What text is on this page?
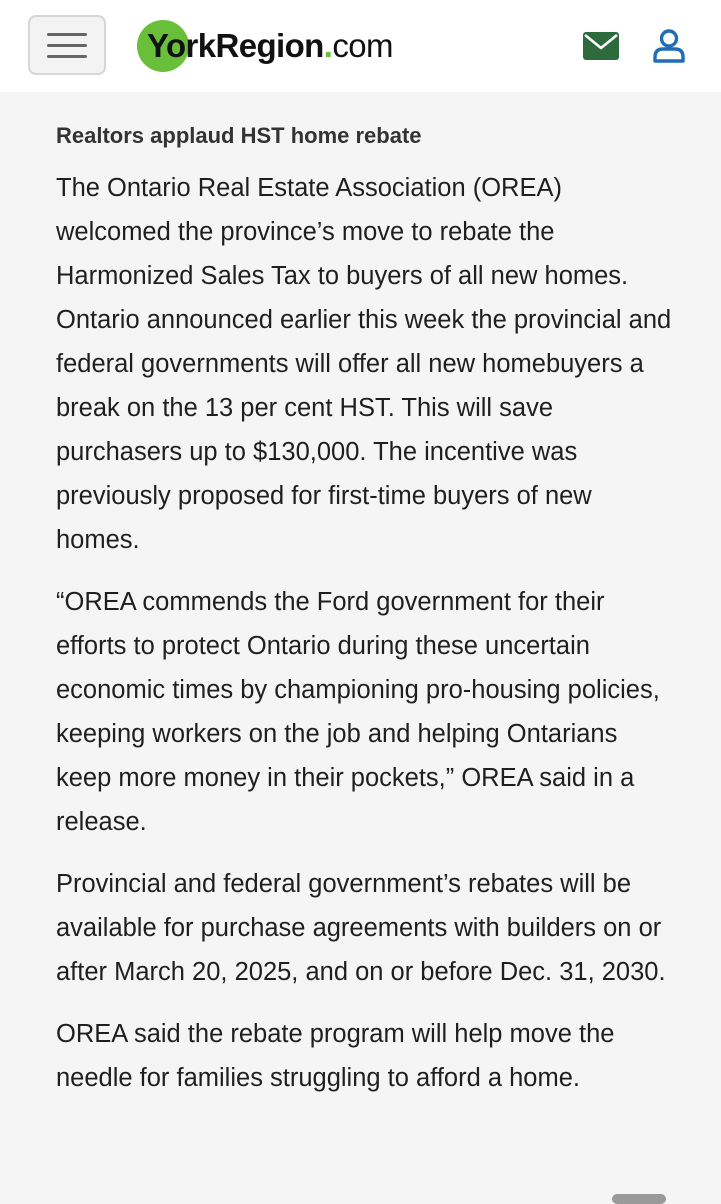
YorkRegion.com
Realtors applaud HST home rebate

The Ontario Real Estate Association (OREA) welcomed the province’s move to rebate the Harmonized Sales Tax to buyers of all new homes. Ontario announced earlier this week the provincial and federal governments will offer all new homebuyers a break on the 13 per cent HST. This will save purchasers up to $130,000. The incentive was previously proposed for first-time buyers of new homes.

“OREA commends the Ford government for their efforts to protect Ontario during these uncertain economic times by championing pro-housing policies, keeping workers on the job and helping Ontarians keep more money in their pockets,” OREA said in a release.

Provincial and federal government’s rebates will be available for purchase agreements with builders on or after March 20, 2025, and on or before Dec. 31, 2030.

OREA said the rebate program will help move the needle for families struggling to afford a home.
